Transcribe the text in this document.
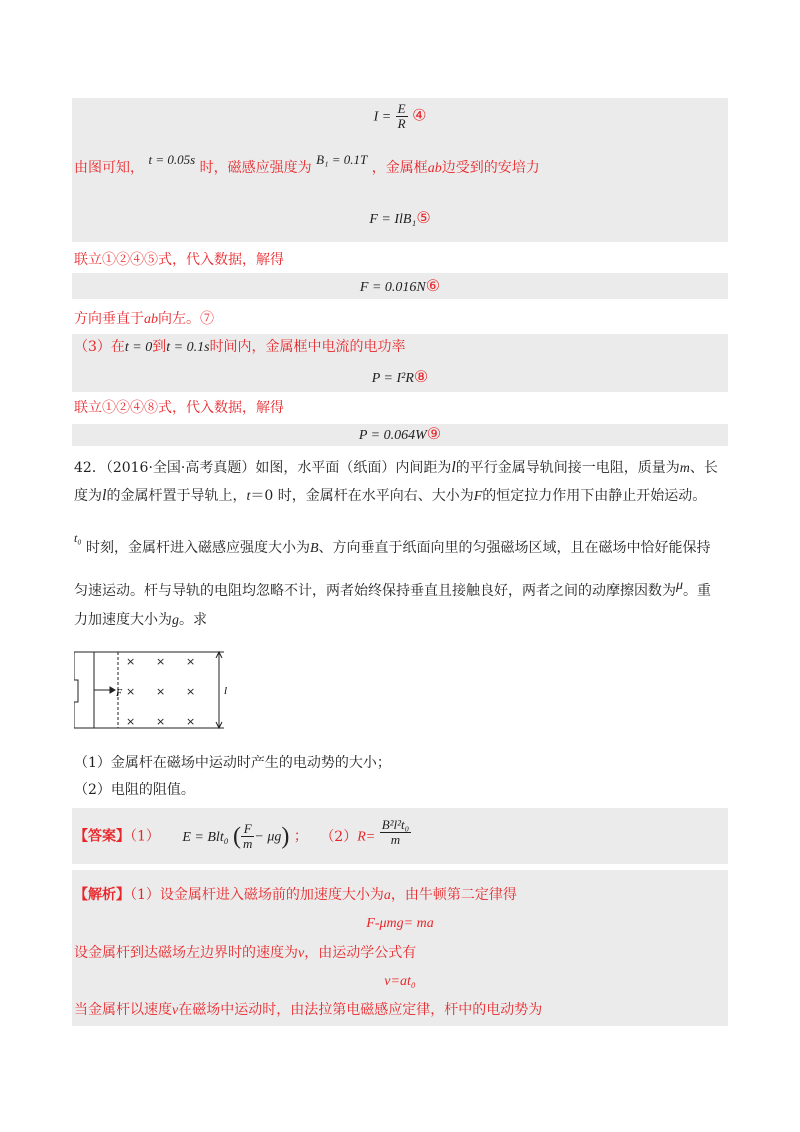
$I = \frac{E}{R}$ ④
由图可知， t = 0.05s 时，磁感应强度为 B₁ = 0.1T ，金属框ab边受到的安培力
F = IlB₁⑤
联立①②④⑤式，代入数据，解得
F = 0.016N⑥
方向垂直于ab向左。⑦
（3）在t = 0到t = 0.1s时间内，金属框中电流的电功率
P = I²R⑧
联立①②④⑧式，代入数据，解得
P = 0.064W⑨
42．（2016·全国·高考真题）如图，水平面（纸面）内间距为l的平行金属导轨间接一电阻，质量为m、长
度为l的金属杆置于导轨上，t＝0 时，金属杆在水平向右、大小为F的恒定拉力作用下由静止开始运动。
t₀ 时刻，金属杆进入磁感应强度大小为B、方向垂直于纸面向里的匀强磁场区域，且在磁场中恰好能保持
匀速运动。杆与导轨的电阻均忽略不计，两者始终保持垂直且接触良好，两者之间的动摩擦因数为μ。重
力加速度大小为g。求
F	l
× × ×
× × ×
× × ×
（1）金属杆在磁场中运动时产生的电动势的大小；
（2）电阻的阻值。
【答案】（1） E = Blt₀ ( $\frac{F}{m} - \mu g$) ； $(2)R= \frac{\text{B²l²t₀}}{m}$
【解析】（1）设金属杆进入磁场前的加速度大小为a，由牛顿第二定律得
F-μmg= ma
设金属杆到达磁场左边界时的速度为v，由运动学公式有
v=at₀
当金属杆以速度v在磁场中运动时，由法拉第电磁感应定律，杆中的电动势为
